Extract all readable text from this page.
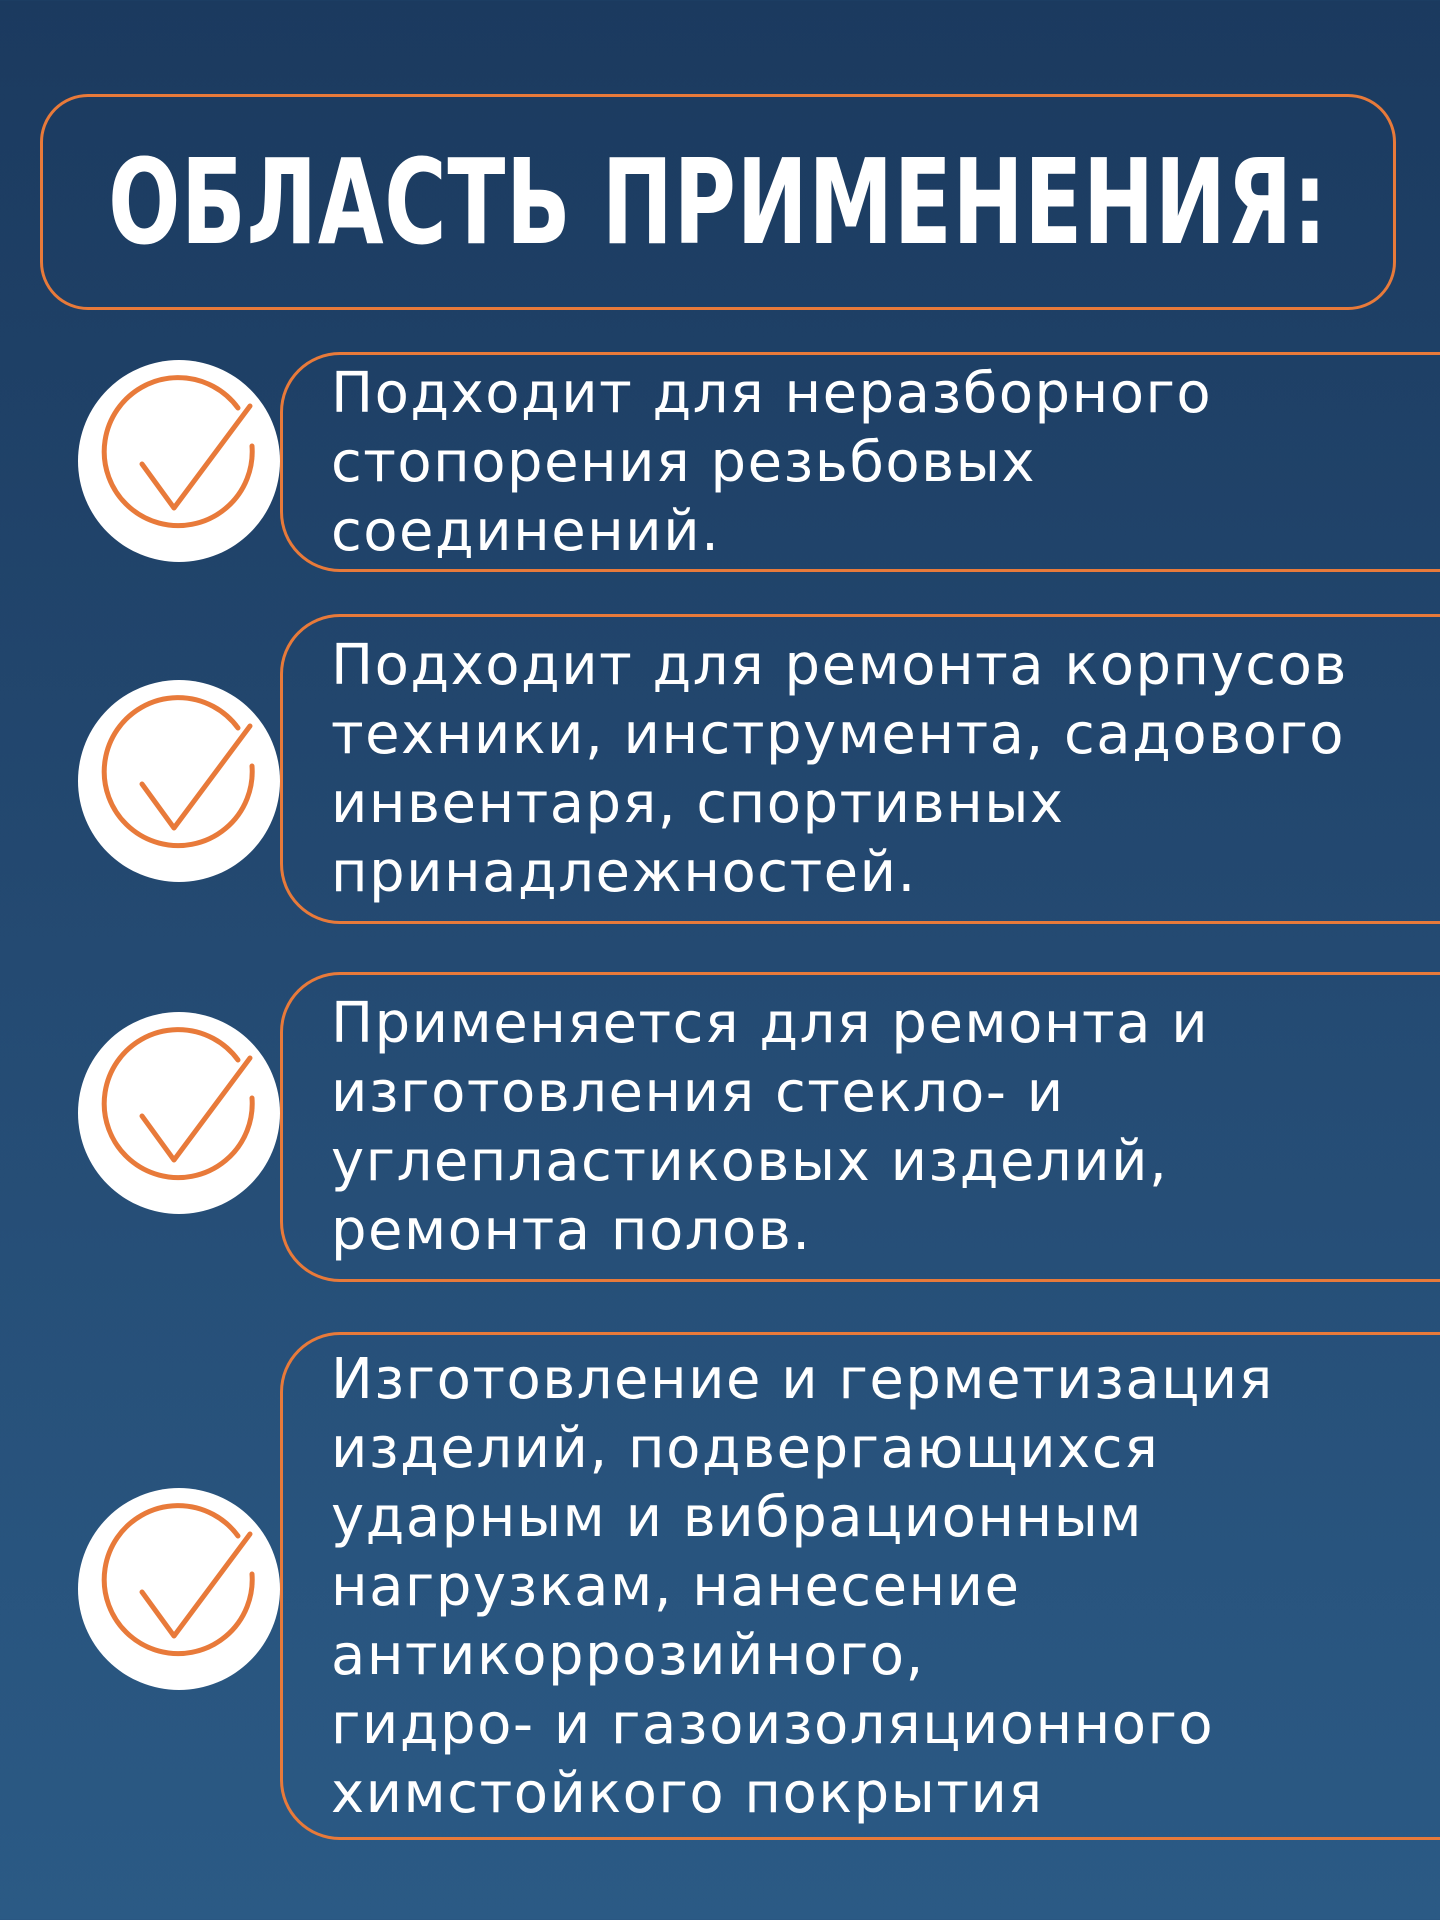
ОБЛАСТЬ ПРИМЕНЕНИЯ:
Подходит для неразборного
стопорения резьбовых
соединений.
Подходит для ремонта корпусов
техники, инструмента, садового
инвентаря, спортивных
принадлежностей.
Применяется для ремонта и
изготовления стекло- и
углепластиковых изделий,
ремонта полов.
Изготовление и герметизация
изделий, подвергающихся
ударным и вибрационным
нагрузкам, нанесение
антикоррозийного,
гидро- и газоизоляционного
химстойкого покрытия
